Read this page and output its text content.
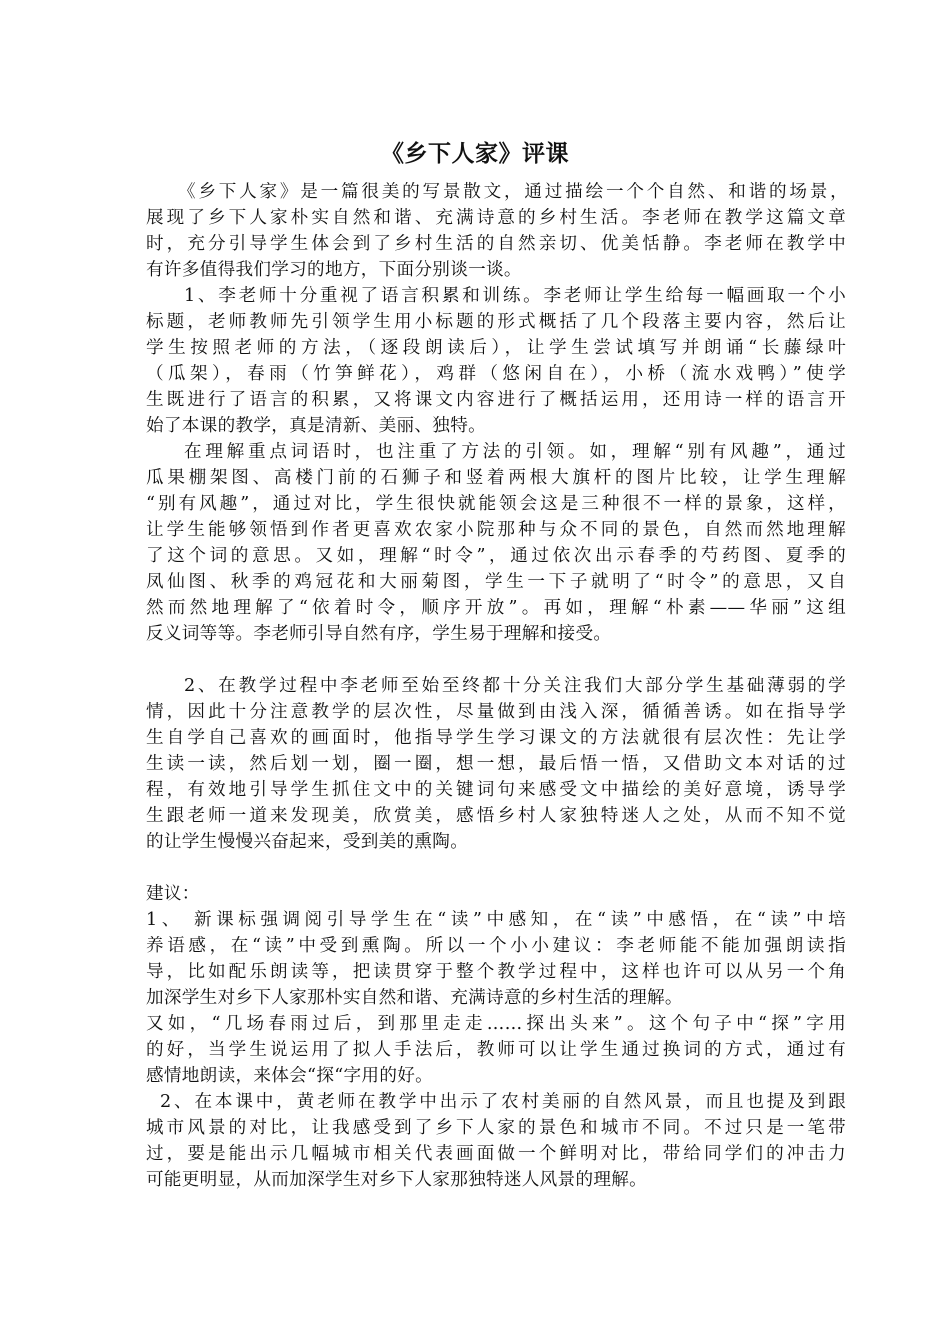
《乡下人家》评课
《乡下人家》是一篇很美的写景散文，通过描绘一个个自然、和谐的场景，
展现了乡下人家朴实自然和谐、充满诗意的乡村生活。李老师在教学这篇文章
时，充分引导学生体会到了乡村生活的自然亲切、优美恬静。李老师在教学中
有许多值得我们学习的地方，下面分别谈一谈。
1、李老师十分重视了语言积累和训练。李老师让学生给每一幅画取一个小
标题，老师教师先引领学生用小标题的形式概括了几个段落主要内容，然后让
学生按照老师的方法，（逐段朗读后），让学生尝试填写并朗诵“长藤绿叶
（瓜架），春雨（竹笋鲜花），鸡群（悠闲自在），小桥（流水戏鸭）”使学
生既进行了语言的积累，又将课文内容进行了概括运用，还用诗一样的语言开
始了本课的教学，真是清新、美丽、独特。
在理解重点词语时，也注重了方法的引领。如，理解“别有风趣”，通过
瓜果棚架图、高楼门前的石狮子和竖着两根大旗杆的图片比较，让学生理解
“别有风趣”，通过对比，学生很快就能领会这是三种很不一样的景象，这样，
让学生能够领悟到作者更喜欢农家小院那种与众不同的景色，自然而然地理解
了这个词的意思。又如，理解“时令”，通过依次出示春季的芍药图、夏季的
凤仙图、秋季的鸡冠花和大丽菊图，学生一下子就明了“时令”的意思，又自
然而然地理解了“依着时令，顺序开放”。再如，理解“朴素——华丽”这组
反义词等等。李老师引导自然有序，学生易于理解和接受。
2、在教学过程中李老师至始至终都十分关注我们大部分学生基础薄弱的学
情，因此十分注意教学的层次性，尽量做到由浅入深，循循善诱。如在指导学
生自学自己喜欢的画面时，他指导学生学习课文的方法就很有层次性：先让学
生读一读，然后划一划，圈一圈，想一想，最后悟一悟，又借助文本对话的过
程，有效地引导学生抓住文中的关键词句来感受文中描绘的美好意境，诱导学
生跟老师一道来发现美，欣赏美，感悟乡村人家独特迷人之处，从而不知不觉
的让学生慢慢兴奋起来，受到美的熏陶。
建议：
1、 新课标强调阅引导学生在“读”中感知，在“读”中感悟，在“读”中培
养语感，在“读”中受到熏陶。所以一个小小建议：李老师能不能加强朗读指
导，比如配乐朗读等，把读贯穿于整个教学过程中，这样也许可以从另一个角
加深学生对乡下人家那朴实自然和谐、充满诗意的乡村生活的理解。
又如，“几场春雨过后，到那里走走……探出头来”。这个句子中“探”字用
的好，当学生说运用了拟人手法后，教师可以让学生通过换词的方式，通过有
感情地朗读，来体会“探“字用的好。
2、在本课中，黄老师在教学中出示了农村美丽的自然风景，而且也提及到跟
城市风景的对比，让我感受到了乡下人家的景色和城市不同。不过只是一笔带
过，要是能出示几幅城市相关代表画面做一个鲜明对比，带给同学们的冲击力
可能更明显，从而加深学生对乡下人家那独特迷人风景的理解。
